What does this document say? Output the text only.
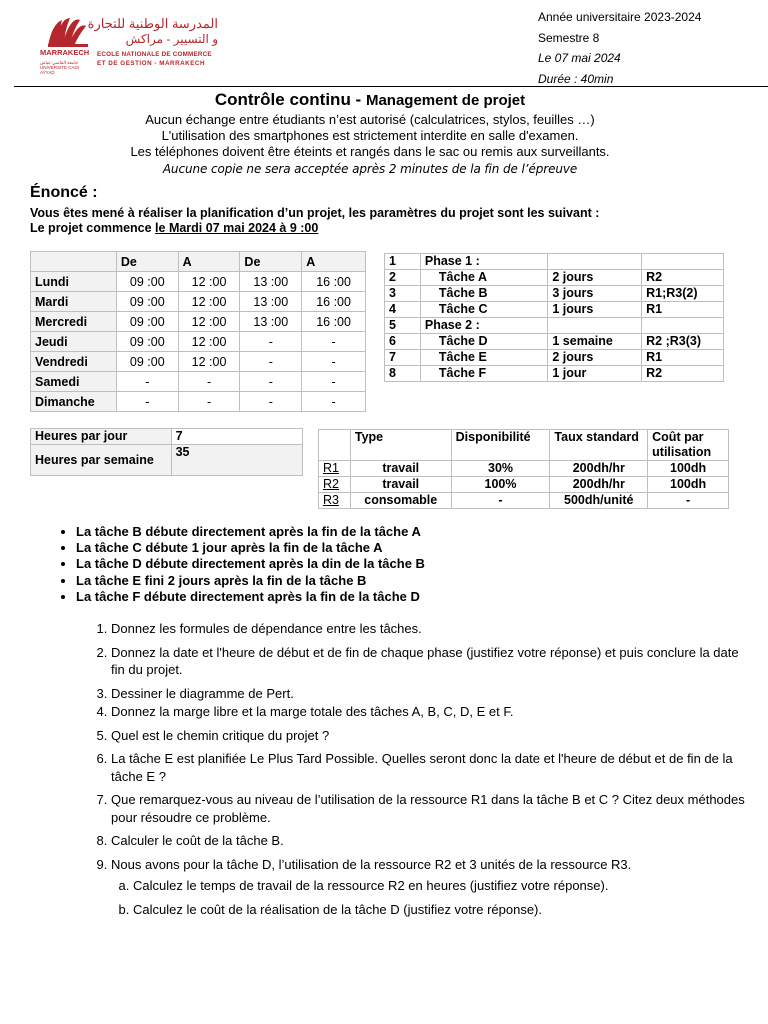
MARRAKECH
جامعة القاضي عياض UNIVERSITE CADI AYYAD
المدرسة الوطنية للتجارة
و التسيير - مراكش
ECOLE NATIONALE DE COMMERCE
ET DE GESTION - MARRAKECH
Année universitaire 2023-2024
Semestre 8
Le 07 mai 2024
Durée : 40min
Contrôle continu - Management de projet
Aucun échange entre étudiants n’est autorisé (calculatrices, stylos, feuilles …)
L'utilisation des smartphones est strictement interdite en salle d'examen.
Les téléphones doivent être éteints et rangés dans le sac ou remis aux surveillants.
Aucune copie ne sera acceptée après 2 minutes de la fin de l’épreuve
Énoncé :
Vous êtes mené à réaliser la planification d’un projet, les paramètres du projet sont les suivant :
Le projet commence le Mardi 07 mai 2024 à 9 :00
	De	A	De	A
Lundi	09 :00	12 :00	13 :00	16 :00
Mardi	09 :00	12 :00	13 :00	16 :00
Mercredi	09 :00	12 :00	13 :00	16 :00
Jeudi	09 :00	12 :00	-	-
Vendredi	09 :00	12 :00	-	-
Samedi	-	-	-	-
Dimanche	-	-	-	-
1	Phase 1 :		
2	Tâche A	2 jours	R2
3	Tâche B	3 jours	R1;R3(2)
4	Tâche C	1 jours	R1
5	Phase 2 :		
6	Tâche D	1 semaine	R2 ;R3(3)
7	Tâche E	2 jours	R1
8	Tâche F	1 jour	R2
Heures par jour	7
Heures par semaine	35
	Type	Disponibilité	Taux standard	Coût par utilisation
R1	travail	30%	200dh/hr	100dh
R2	travail	100%	200dh/hr	100dh
R3	consomable	-	500dh/unité	-
• La tâche B débute directement après la fin de la tâche A
• La tâche C débute 1 jour après la fin de la tâche A
• La tâche D débute directement après la din de la tâche B
• La tâche E fini 2 jours après la fin de la tâche B
• La tâche F débute directement après la fin de la tâche D
1. Donnez les formules de dépendance entre les tâches.
2. Donnez la date et l'heure de début et de fin de chaque phase (justifiez votre réponse) et puis conclure la date fin du projet.
3. Dessiner le diagramme de Pert.
4. Donnez la marge libre et la marge totale des tâches A, B, C, D, E et F.
5. Quel est le chemin critique du projet ?
6. La tâche E est planifiée Le Plus Tard Possible. Quelles seront donc la date et l'heure de début et de fin de la tâche E ?
7. Que remarquez-vous au niveau de l’utilisation de la ressource R1 dans la tâche B et C ? Citez deux méthodes pour résoudre ce problème.
8. Calculer le coût de la tâche B.
9. Nous avons pour la tâche D, l’utilisation de la ressource R2 et 3 unités de la ressource R3.
a. Calculez le temps de travail de la ressource R2 en heures (justifiez votre réponse).
b. Calculez le coût de la réalisation de la tâche D (justifiez votre réponse).
